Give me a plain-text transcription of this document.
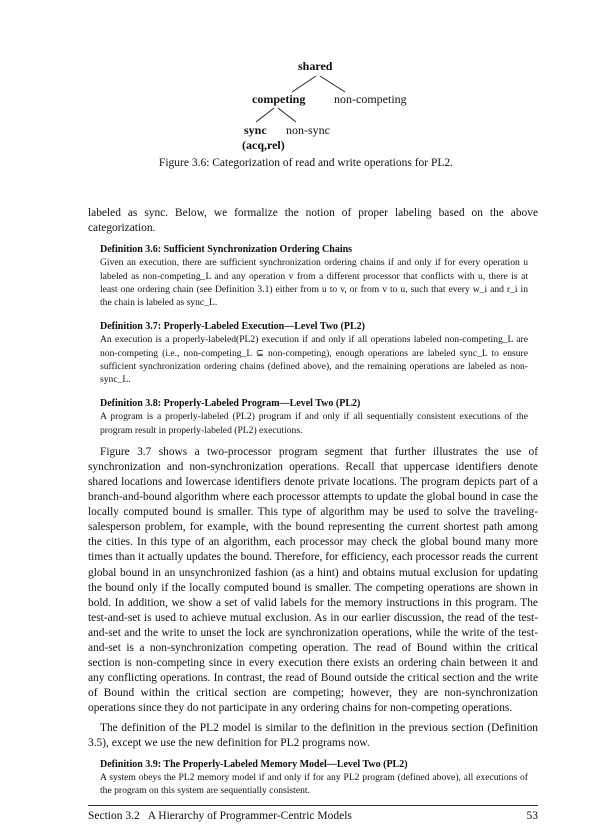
shared
competing non-competing
sync non-sync
(acq,rel)
Figure 3.6: Categorization of read and write operations for PL2.
labeled as sync. Below, we formalize the notion of proper labeling based on the above categorization.
Definition 3.6: Sufficient Synchronization Ordering Chains
Given an execution, there are sufficient synchronization ordering chains if and only if for every operation u labeled as non-competing_L and any operation v from a different processor that conflicts with u, there is at least one ordering chain (see Definition 3.1) either from u to v, or from v to u, such that every w_i and r_i in the chain is labeled as sync_L.
Definition 3.7: Properly-Labeled Execution—Level Two (PL2)
An execution is a properly-labeled(PL2) execution if and only if all operations labeled non-competing_L are non-competing (i.e., non-competing_L ⊆ non-competing), enough operations are labeled sync_L to ensure sufficient synchronization ordering chains (defined above), and the remaining operations are labeled as non-sync_L.
Definition 3.8: Properly-Labeled Program—Level Two (PL2)
A program is a properly-labeled (PL2) program if and only if all sequentially consistent executions of the program result in properly-labeled (PL2) executions.
Figure 3.7 shows a two-processor program segment that further illustrates the use of synchronization and non-synchronization operations. Recall that uppercase identifiers denote shared locations and lowercase identifiers denote private locations. The program depicts part of a branch-and-bound algorithm where each processor attempts to update the global bound in case the locally computed bound is smaller. This type of algorithm may be used to solve the traveling-salesperson problem, for example, with the bound representing the current shortest path among the cities. In this type of an algorithm, each processor may check the global bound many more times than it actually updates the bound. Therefore, for efficiency, each processor reads the current global bound in an unsynchronized fashion (as a hint) and obtains mutual exclusion for updating the bound only if the locally computed bound is smaller. The competing operations are shown in bold. In addition, we show a set of valid labels for the memory instructions in this program. The test-and-set is used to achieve mutual exclusion. As in our earlier discussion, the read of the test-and-set and the write to unset the lock are synchronization operations, while the write of the test-and-set is a non-synchronization competing operation. The read of Bound within the critical section is non-competing since in every execution there exists an ordering chain between it and any conflicting operations. In contrast, the read of Bound outside the critical section and the write of Bound within the critical section are competing; however, they are non-synchronization operations since they do not participate in any ordering chains for non-competing operations.
The definition of the PL2 model is similar to the definition in the previous section (Definition 3.5), except we use the new definition for PL2 programs now.
Definition 3.9: The Properly-Labeled Memory Model—Level Two (PL2)
A system obeys the PL2 memory model if and only if for any PL2 program (defined above), all executions of the program on this system are sequentially consistent.
Section 3.2   A Hierarchy of Programmer-Centric Models	53
